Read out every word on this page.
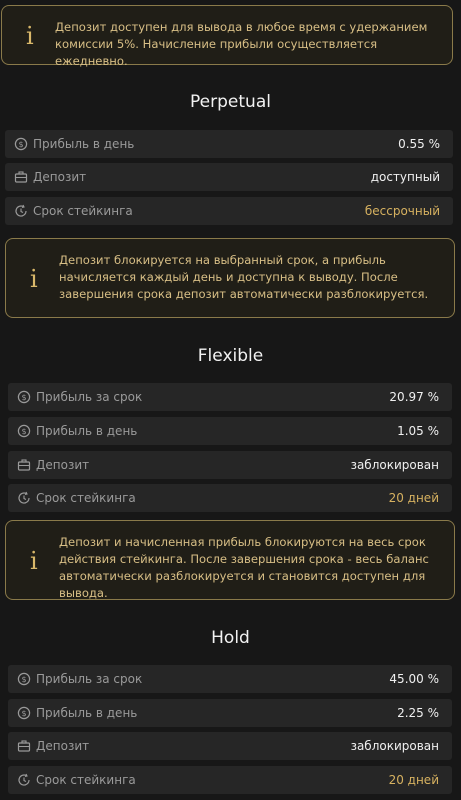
i Депозит доступен для вывода в любое время с удержанием комиссии 5%. Начисление прибыли осуществляется ежедневно.
Perpetual
$ Прибыль в день	0.55 %
Депозит	доступный
Срок стейкинга	бессрочный
i
Депозит блокируется на выбранный срок, а прибыль начисляется каждый день и доступна к выводу. После завершения срока депозит автоматически разблокируется.
Flexible
$ Прибыль за срок	20.97 %
$ Прибыль в день	1.05 %
Депозит	заблокирован
Срок стейкинга	20 дней
i
Депозит и начисленная прибыль блокируются на весь срок действия стейкинга. После завершения срока - весь баланс автоматически разблокируется и становится доступен для вывода.
Hold
$ Прибыль за срок	45.00 %
$ Прибыль в день	2.25 %
Депозит	заблокирован
Срок стейкинга	20 дней
